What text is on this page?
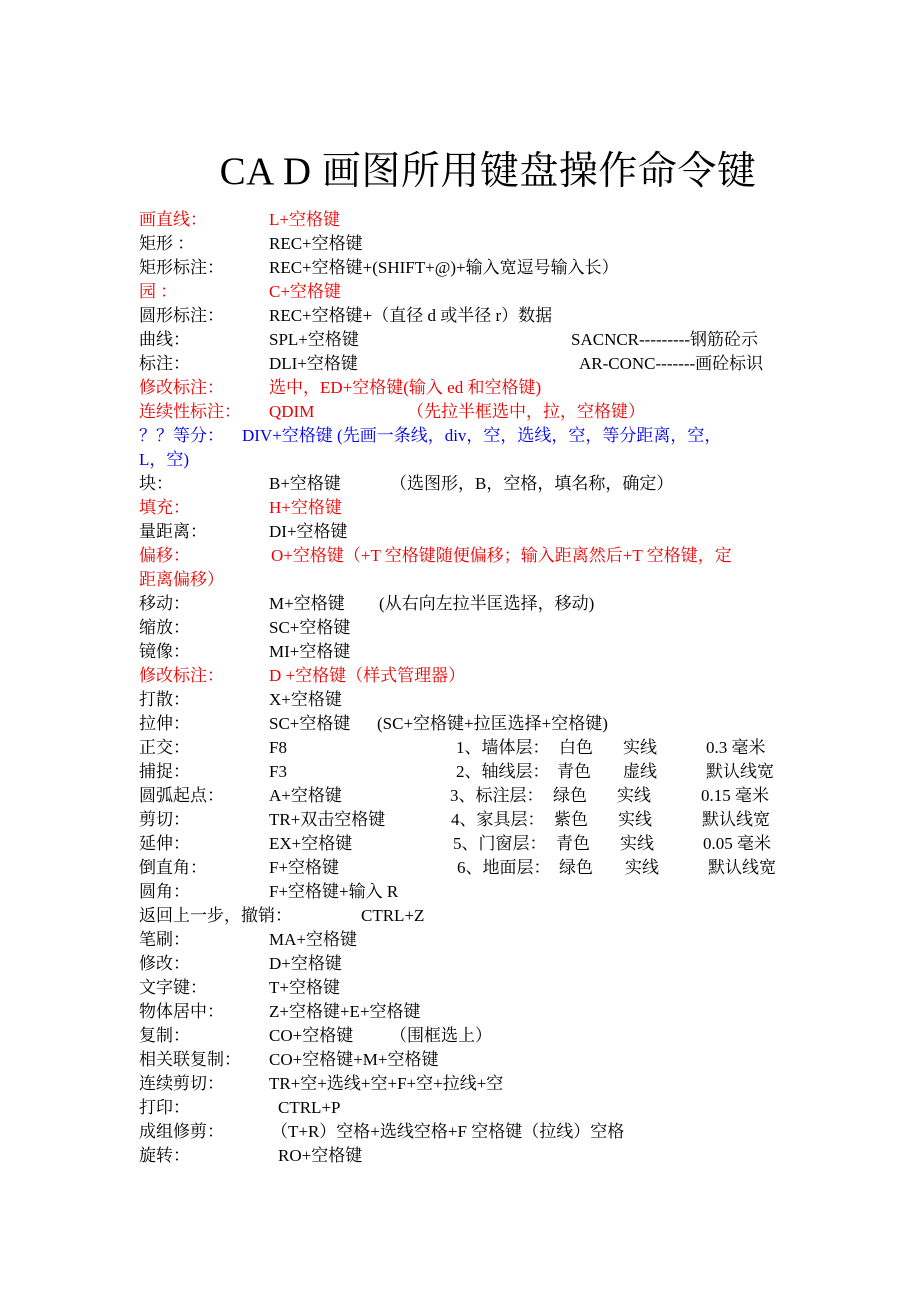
CA D 画图所用键盘操作命令键
画直线：	L+空格键
矩形 ：	REC+空格键
矩形标注：	REC+空格键+(SHIFT+@)+输入宽逗号输入长）
园 ：	C+空格键
圆形标注：	REC+空格键+（直径 d 或半径 r）数据
曲线：	SPL+空格键	SACNCR---------钢筋砼示
标注：	DLI+空格键	AR-CONC-------画砼标识
修改标注：	选中，ED+空格键(输入 ed 和空格键)
连续性标注： QDIM	（先拉半框选中，拉，空格键）
？？等分： DIV+空格键 (先画一条线，div，空，选线，空，等分距离，空，
L，空)
块：	B+空格键	（选图形，B，空格，填名称，确定）
填充：	H+空格键
量距离：	DI+空格键
偏移：	O+空格键（+T 空格键随便偏移；输入距离然后+T 空格键，定
距离偏移）
移动：	M+空格键 (从右向左拉半匡选择，移动)
缩放：	SC+空格键
镜像：	MI+空格键
修改标注：	D +空格键（样式管理器）
打散：	X+空格键
拉伸：	SC+空格键 (SC+空格键+拉匡选择+空格键)
正交：	F8	1、墙体层： 白色 实线	0.3 毫米
捕捉：	F3	2、轴线层： 青色 虚线	默认线宽
圆弧起点：	A+空格键	3、标注层： 绿色 实线	0.15 毫米
剪切：	TR+双击空格键	4、家具层： 紫色 实线	默认线宽
延伸：	EX+空格键	5、门窗层： 青色 实线	0.05 毫米
倒直角：	F+空格键	6、地面层： 绿色 实线	默认线宽
圆角：	F+空格键+输入 R
返回上一步，撤销：	CTRL+Z
笔刷：	MA+空格键
修改：	D+空格键
文字键：	T+空格键
物体居中：	Z+空格键+E+空格键
复制：	CO+空格键 （围框选上）
相关联复制： CO+空格键+M+空格键
连续剪切：	TR+空+选线+空+F+空+拉线+空
打印：	CTRL+P
成组修剪：	（T+R）空格+选线空格+F 空格键（拉线）空格
旋转：	RO+空格键
